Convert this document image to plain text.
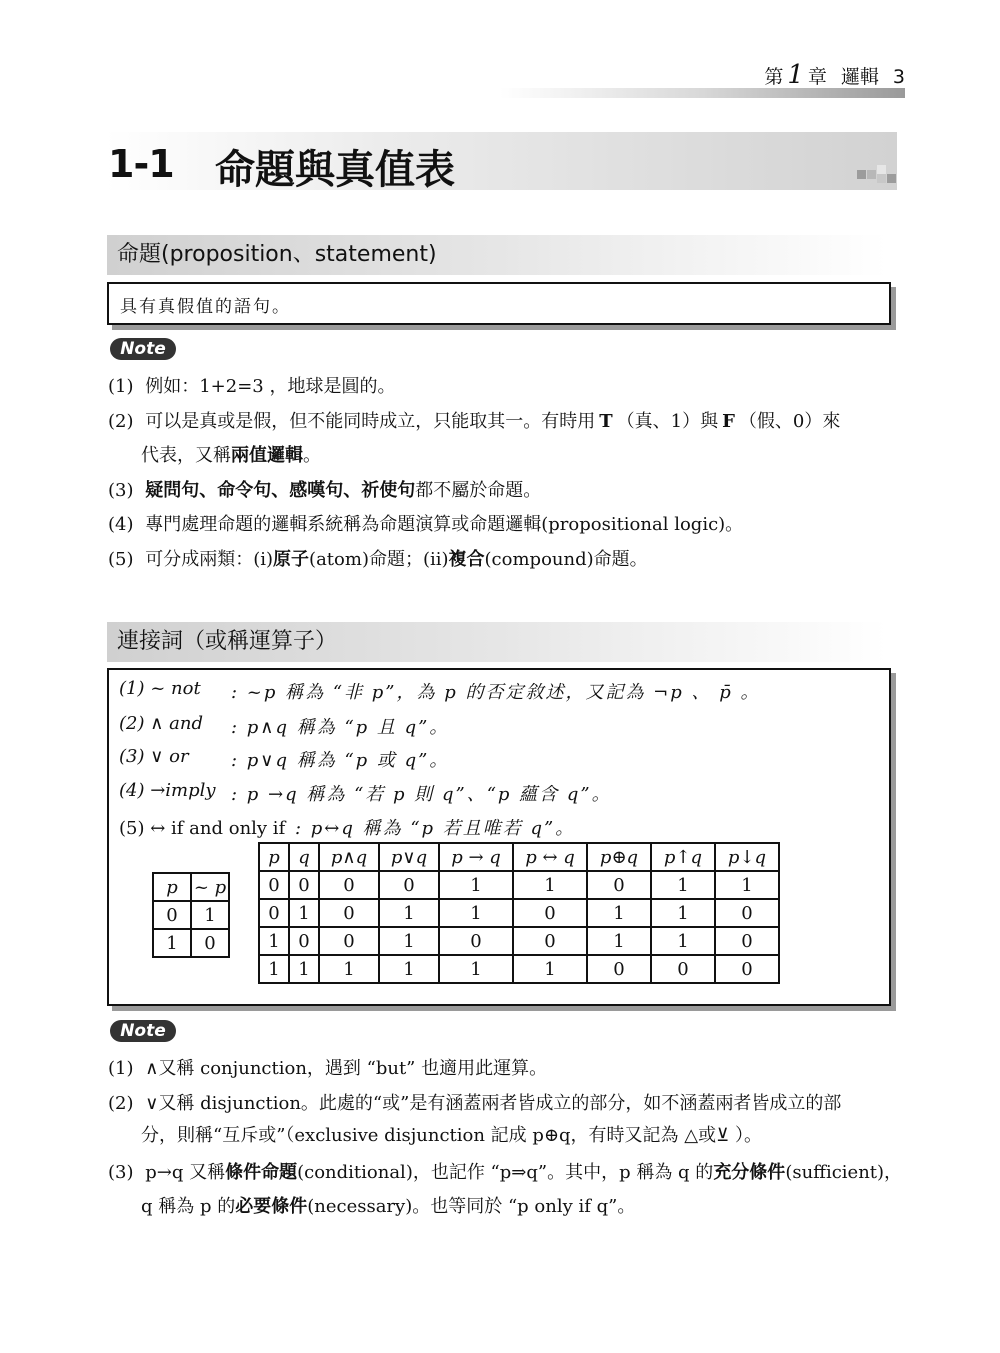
第 1 章 邏輯 3
1-1 命題與真值表
命題(proposition、statement)
具有真假值的語句。
Note
(1) 例如：1+2=3 ，地球是圓的。
(2) 可以是真或是假，但不能同時成立，只能取其一。有時用 T （真、1）與 F （假、0）來
代表，又稱兩值邏輯。
(3) 疑問句、命令句、感嘆句、祈使句都不屬於命題。
(4) 專門處理命題的邏輯系統稱為命題演算或命題邏輯(propositional logic)。
(5) 可分成兩類：(i)原子(atom)命題；(ii)複合(compound)命題。
連接詞（或稱運算子）
(1) ~ not : ~p 稱為 “非 p”，為 p 的否定敘述，又記為 ¬p 、 p̄ 。
(2) ∧ and : p∧q 稱為 “p 且 q”。
(3) ∨ or : p∨q 稱為 “p 或 q”。
(4) →imply : p →q 稱為 “若 p 則 q”、“p 蘊含 q”。
(5) ↔ if and only if : p↔q 稱為 “p 若且唯若 q”。
p	~ p
0	1
1	0
p	q	p∧q	p∨q	p → q	p ↔ q	p⊕q	p↑q	p↓q
0	0	0	0	1	1	0	1	1
0	1	0	1	1	0	1	1	0
1	0	0	1	0	0	1	1	0
1	1	1	1	1	1	0	0	0
Note
(1) ∧又稱 conjunction，遇到 “but” 也適用此運算。
(2) ∨又稱 disjunction。此處的“或”是有涵蓋兩者皆成立的部分，如不涵蓋兩者皆成立的部
分，則稱“互斥或”（exclusive disjunction 記成 p⊕q，有時又記為 △或⊻ ）。
(3) p→q 又稱條件命題(conditional)，也記作 “p⇒q”。其中，p 稱為 q 的充分條件(sufficient)，
q 稱為 p 的必要條件(necessary)。也等同於 “p only if q”。
